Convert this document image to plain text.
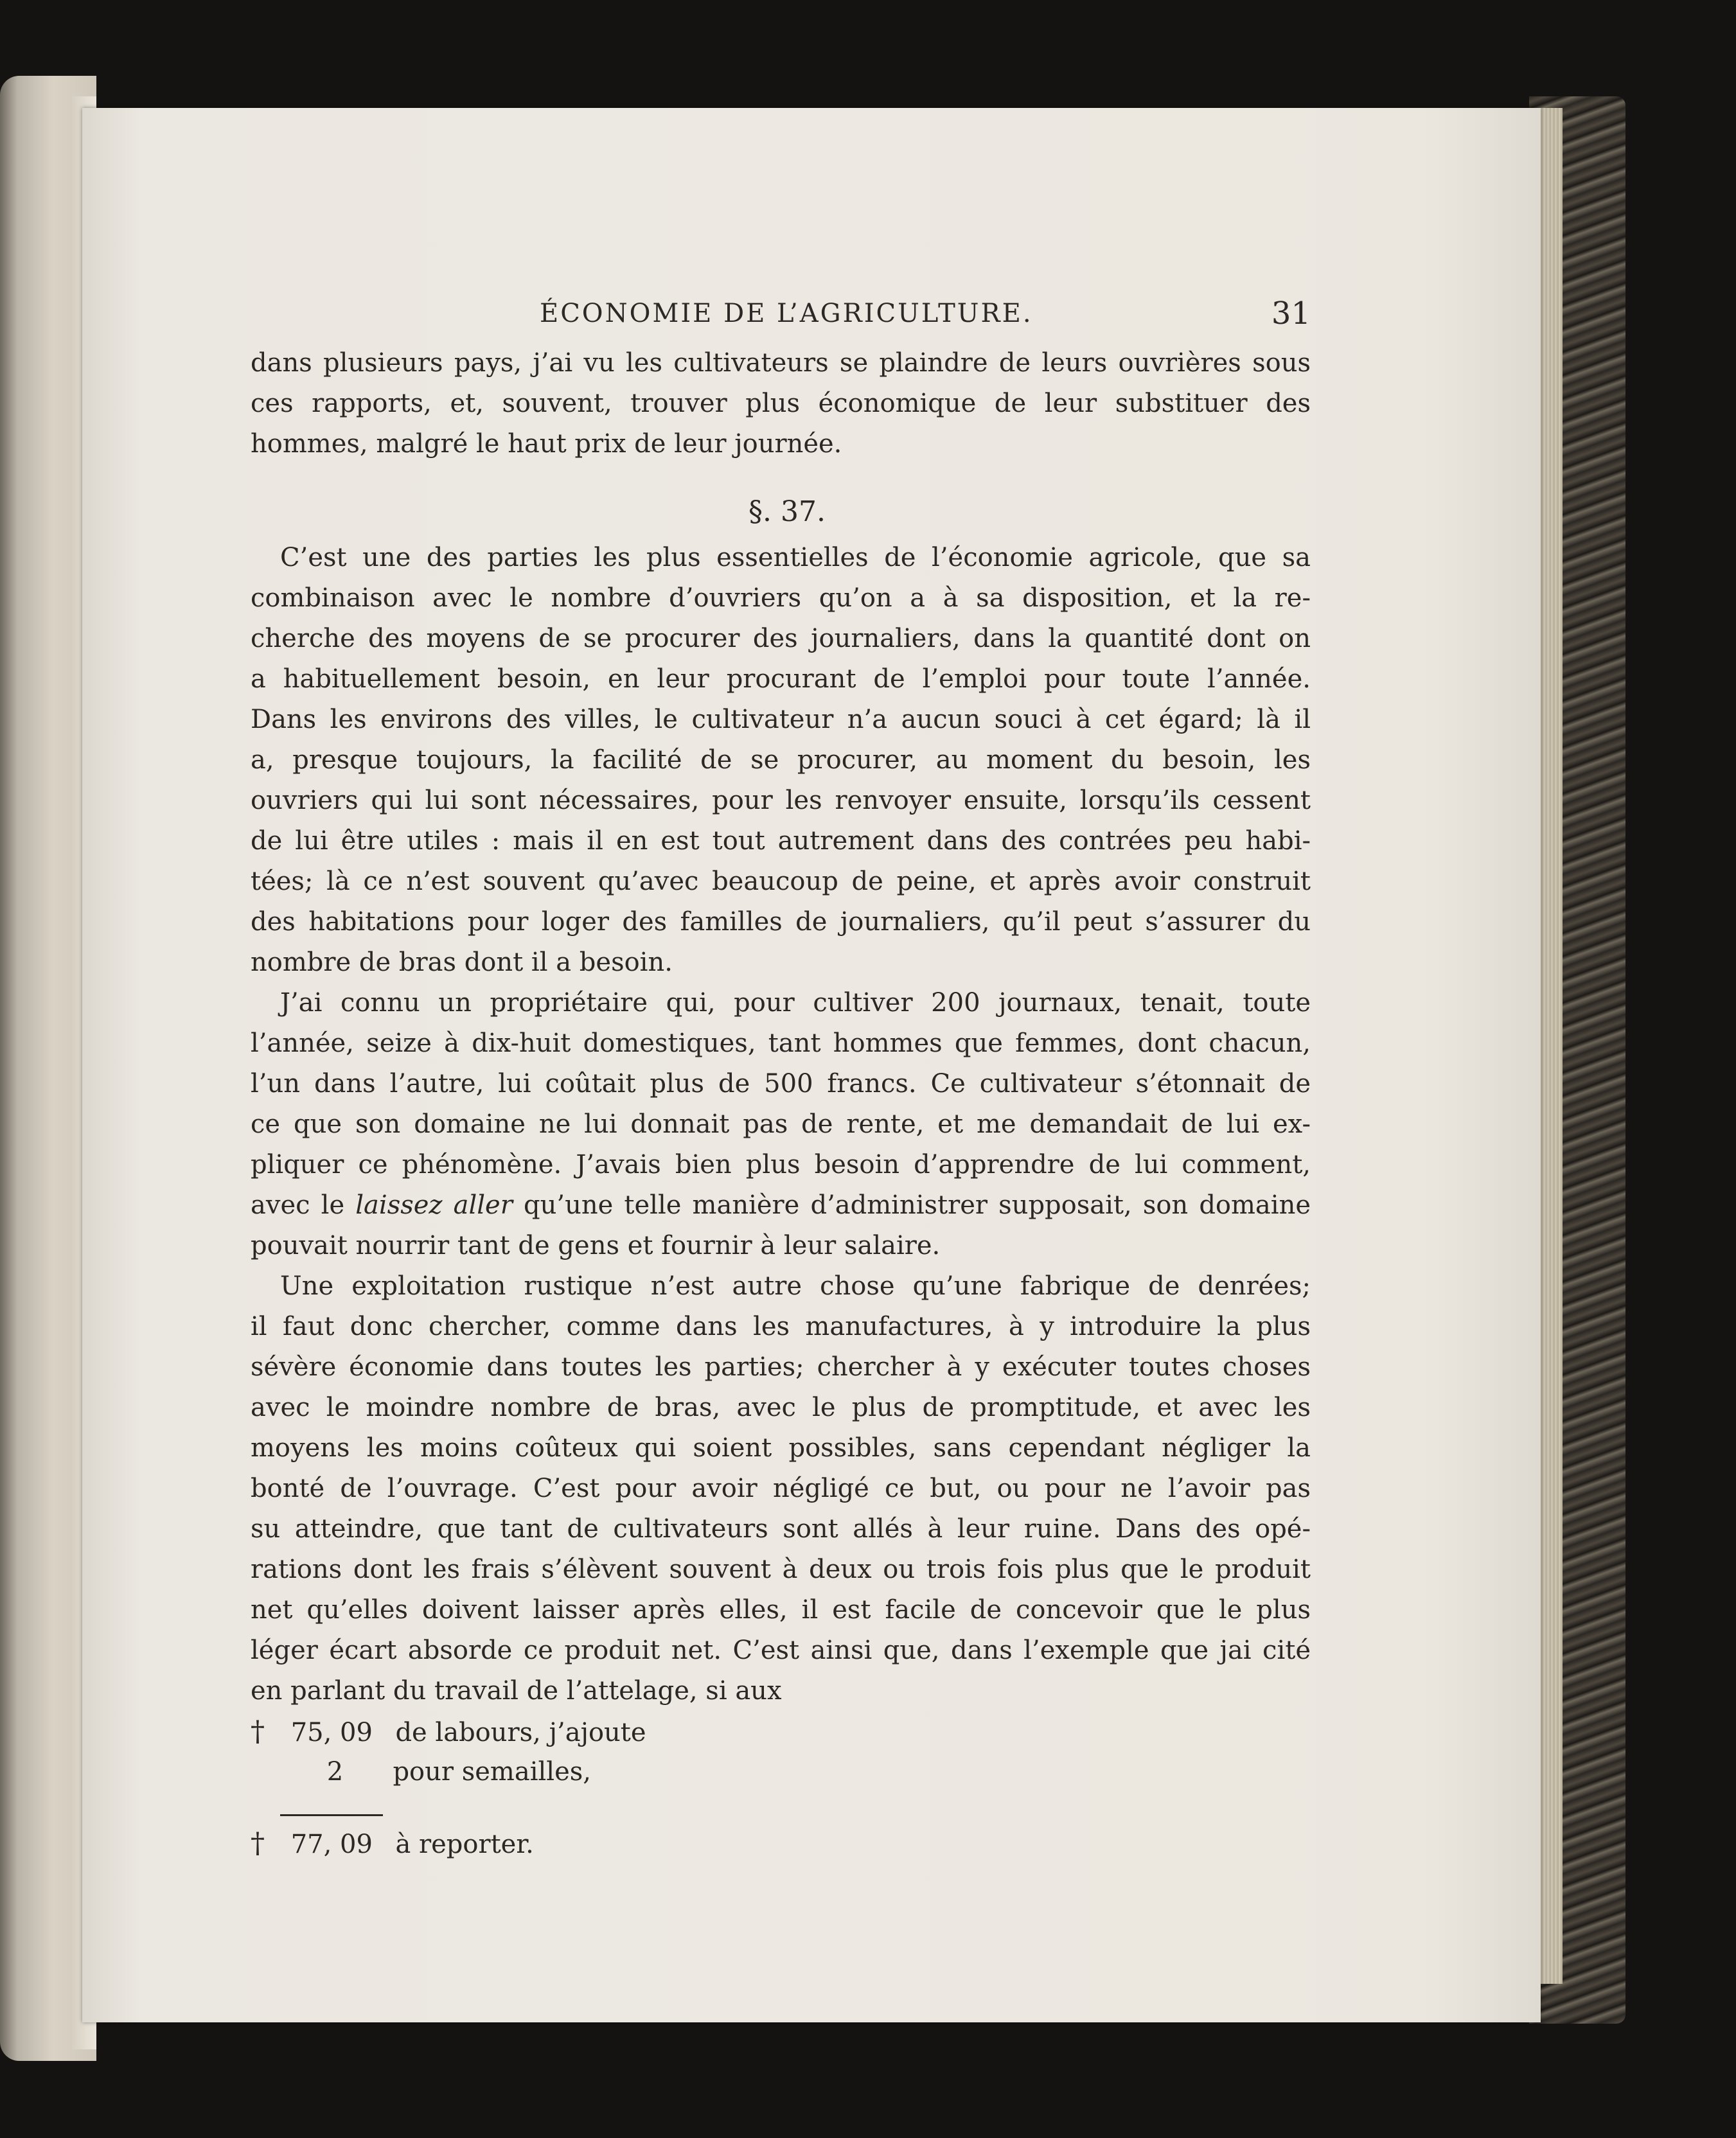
ÉCONOMIE DE L’AGRICULTURE.	31
dans plusieurs pays, j’ai vu les cultivateurs se plaindre de leurs ouvrières sous
ces rapports, et, souvent, trouver plus économique de leur substituer des
hommes, malgré le haut prix de leur journée.
§. 37.
C’est une des parties les plus essentielles de l’économie agricole, que sa
combinaison avec le nombre d’ouvriers qu’on a à sa disposition, et la re-
cherche des moyens de se procurer des journaliers, dans la quantité dont on
a habituellement besoin, en leur procurant de l’emploi pour toute l’année.
Dans les environs des villes, le cultivateur n’a aucun souci à cet égard; là il
a, presque toujours, la facilité de se procurer, au moment du besoin, les
ouvriers qui lui sont nécessaires, pour les renvoyer ensuite, lorsqu’ils cessent
de lui être utiles : mais il en est tout autrement dans des contrées peu habi-
tées; là ce n’est souvent qu’avec beaucoup de peine, et après avoir construit
des habitations pour loger des familles de journaliers, qu’il peut s’assurer du
nombre de bras dont il a besoin.
J’ai connu un propriétaire qui, pour cultiver 200 journaux, tenait, toute
l’année, seize à dix-huit domestiques, tant hommes que femmes, dont chacun,
l’un dans l’autre, lui coûtait plus de 500 francs. Ce cultivateur s’étonnait de
ce que son domaine ne lui donnait pas de rente, et me demandait de lui ex-
pliquer ce phénomène. J’avais bien plus besoin d’apprendre de lui comment,
avec le laissez aller qu’une telle manière d’administrer supposait, son domaine
pouvait nourrir tant de gens et fournir à leur salaire.
Une exploitation rustique n’est autre chose qu’une fabrique de denrées;
il faut donc chercher, comme dans les manufactures, à y introduire la plus
sévère économie dans toutes les parties; chercher à y exécuter toutes choses
avec le moindre nombre de bras, avec le plus de promptitude, et avec les
moyens les moins coûteux qui soient possibles, sans cependant négliger la
bonté de l’ouvrage. C’est pour avoir négligé ce but, ou pour ne l’avoir pas
su atteindre, que tant de cultivateurs sont allés à leur ruine. Dans des opé-
rations dont les frais s’élèvent souvent à deux ou trois fois plus que le produit
net qu’elles doivent laisser après elles, il est facile de concevoir que le plus
léger écart absorde ce produit net. C’est ainsi que, dans l’exemple que jai cité
en parlant du travail de l’attelage, si aux
† 75, 09 de labours, j’ajoute
2 pour semailles,
† 77, 09 à reporter.
